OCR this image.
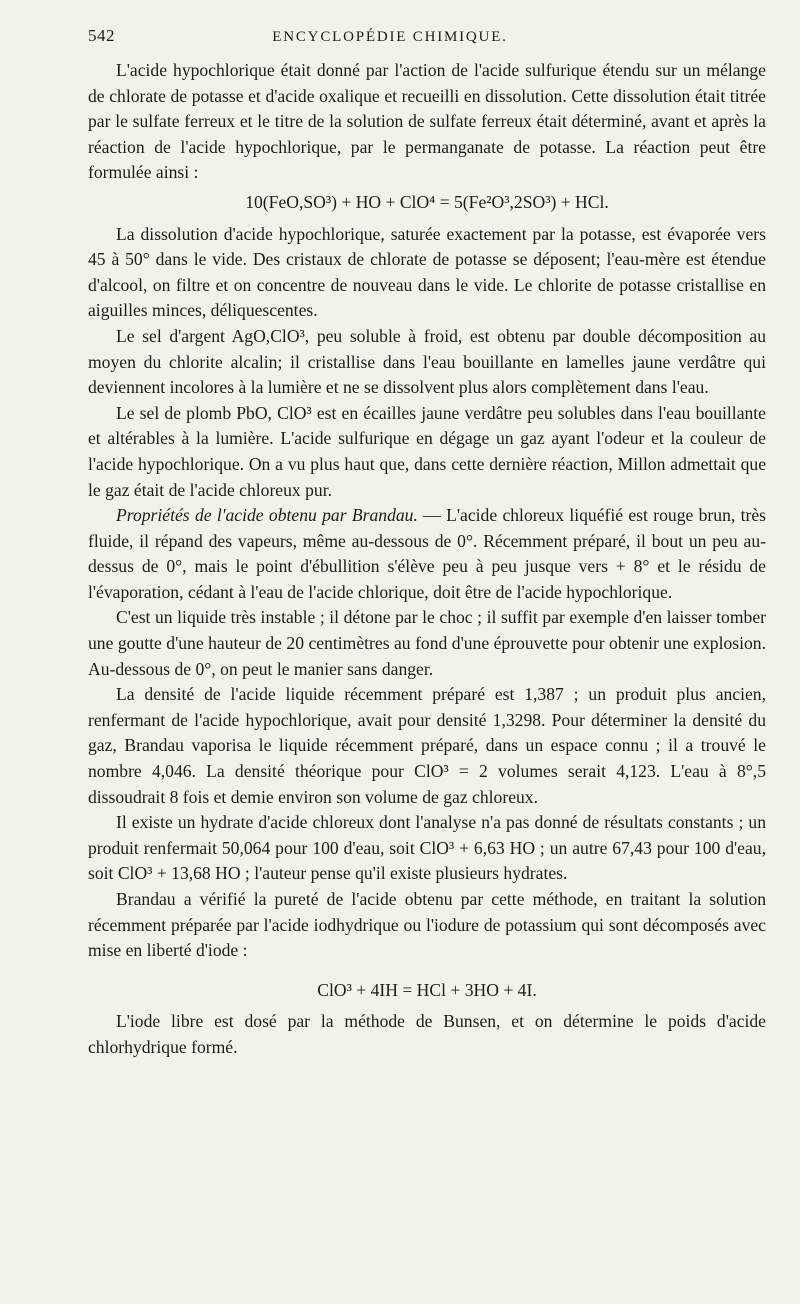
542	ENCYCLOPÉDIE CHIMIQUE.

L'acide hypochlorique était donné par l'action de l'acide sulfurique étendu sur un mélange de chlorate de potasse et d'acide oxalique et recueilli en dissolution. Cette dissolution était titrée par le sulfate ferreux et le titre de la solution de sulfate ferreux était déterminé, avant et après la réaction de l'acide hypochlorique, par le permanganate de potasse. La réaction peut être formulée ainsi :

10(FeO,SO³) + HO + ClO⁴ = 5(Fe²O³,2SO³) + HCl.

La dissolution d'acide hypochlorique, saturée exactement par la potasse, est évaporée vers 45 à 50° dans le vide. Des cristaux de chlorate de potasse se déposent; l'eau-mère est étendue d'alcool, on filtre et on concentre de nouveau dans le vide. Le chlorite de potasse cristallise en aiguilles minces, déliquescentes.

Le sel d'argent AgO,ClO³, peu soluble à froid, est obtenu par double décomposition au moyen du chlorite alcalin; il cristallise dans l'eau bouillante en lamelles jaune verdâtre qui deviennent incolores à la lumière et ne se dissolvent plus alors complètement dans l'eau.

Le sel de plomb PbO, ClO³ est en écailles jaune verdâtre peu solubles dans l'eau bouillante et altérables à la lumière. L'acide sulfurique en dégage un gaz ayant l'odeur et la couleur de l'acide hypochlorique. On a vu plus haut que, dans cette dernière réaction, Millon admettait que le gaz était de l'acide chloreux pur.

Propriétés de l'acide obtenu par Brandau. — L'acide chloreux liquéfié est rouge brun, très fluide, il répand des vapeurs, même au-dessous de 0°. Récemment préparé, il bout un peu au-dessus de 0°, mais le point d'ébullition s'élève peu à peu jusque vers + 8° et le résidu de l'évaporation, cédant à l'eau de l'acide chlorique, doit être de l'acide hypochlorique.

C'est un liquide très instable ; il détone par le choc ; il suffit par exemple d'en laisser tomber une goutte d'une hauteur de 20 centimètres au fond d'une éprouvette pour obtenir une explosion. Au-dessous de 0°, on peut le manier sans danger.

La densité de l'acide liquide récemment préparé est 1,387 ; un produit plus ancien, renfermant de l'acide hypochlorique, avait pour densité 1,3298. Pour déterminer la densité du gaz, Brandau vaporisa le liquide récemment préparé, dans un espace connu ; il a trouvé le nombre 4,046. La densité théorique pour ClO³ = 2 volumes serait 4,123. L'eau à 8°,5 dissoudrait 8 fois et demie environ son volume de gaz chloreux.

Il existe un hydrate d'acide chloreux dont l'analyse n'a pas donné de résultats constants ; un produit renfermait 50,064 pour 100 d'eau, soit ClO³ + 6,63 HO ; un autre 67,43 pour 100 d'eau, soit ClO³ + 13,68 HO ; l'auteur pense qu'il existe plusieurs hydrates.

Brandau a vérifié la pureté de l'acide obtenu par cette méthode, en traitant la solution récemment préparée par l'acide iodhydrique ou l'iodure de potassium qui sont décomposés avec mise en liberté d'iode :

ClO³ + 4IH = HCl + 3HO + 4I.

L'iode libre est dosé par la méthode de Bunsen, et on détermine le poids d'acide chlorhydrique formé.
